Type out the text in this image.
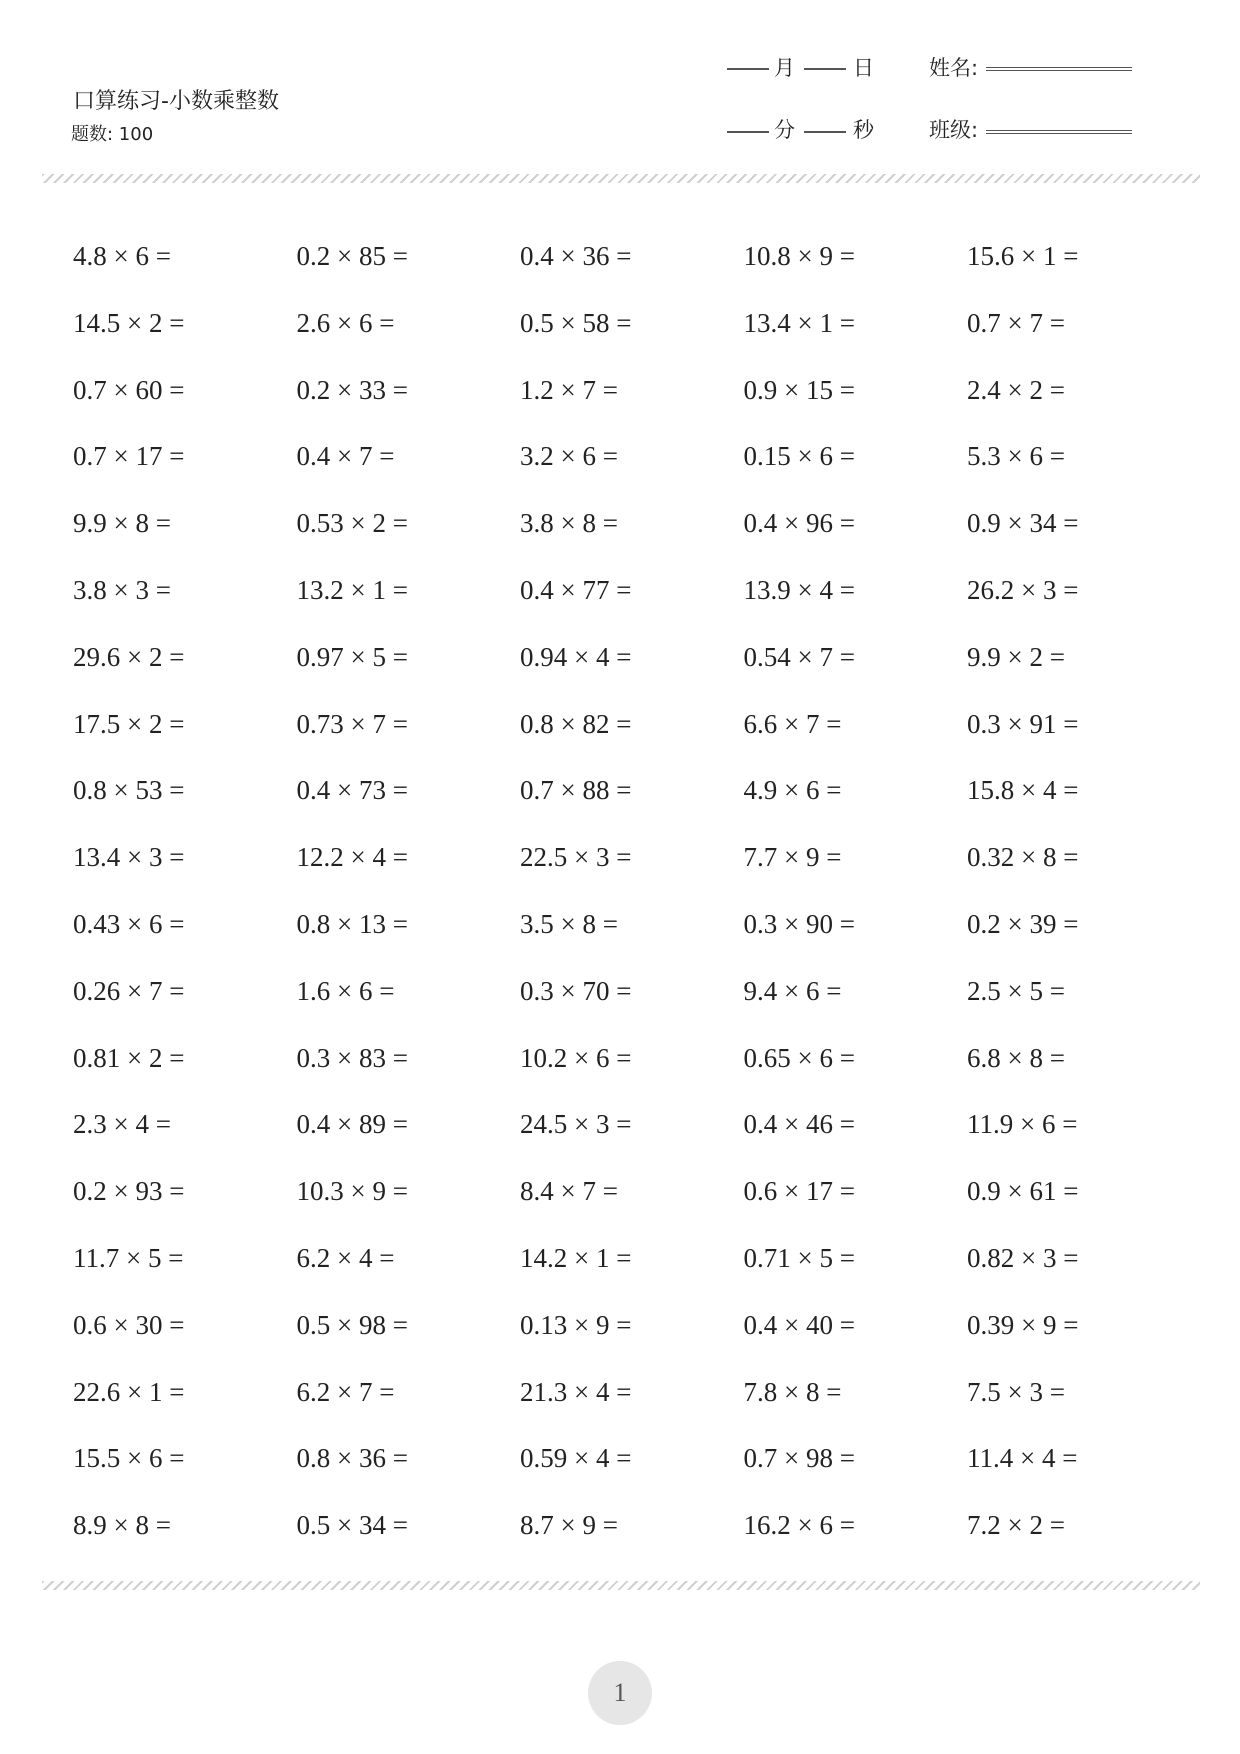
口算练习-小数乘整数
题数: 100
月	日
分	秒
姓名:
班级:
4.8 × 6 =	0.2 × 85 =	0.4 × 36 =	10.8 × 9 =	15.6 × 1 =
14.5 × 2 =	2.6 × 6 =	0.5 × 58 =	13.4 × 1 =	0.7 × 7 =
0.7 × 60 =	0.2 × 33 =	1.2 × 7 =	0.9 × 15 =	2.4 × 2 =
0.7 × 17 =	0.4 × 7 =	3.2 × 6 =	0.15 × 6 =	5.3 × 6 =
9.9 × 8 =	0.53 × 2 =	3.8 × 8 =	0.4 × 96 =	0.9 × 34 =
3.8 × 3 =	13.2 × 1 =	0.4 × 77 =	13.9 × 4 =	26.2 × 3 =
29.6 × 2 =	0.97 × 5 =	0.94 × 4 =	0.54 × 7 =	9.9 × 2 =
17.5 × 2 =	0.73 × 7 =	0.8 × 82 =	6.6 × 7 =	0.3 × 91 =
0.8 × 53 =	0.4 × 73 =	0.7 × 88 =	4.9 × 6 =	15.8 × 4 =
13.4 × 3 =	12.2 × 4 =	22.5 × 3 =	7.7 × 9 =	0.32 × 8 =
0.43 × 6 =	0.8 × 13 =	3.5 × 8 =	0.3 × 90 =	0.2 × 39 =
0.26 × 7 =	1.6 × 6 =	0.3 × 70 =	9.4 × 6 =	2.5 × 5 =
0.81 × 2 =	0.3 × 83 =	10.2 × 6 =	0.65 × 6 =	6.8 × 8 =
2.3 × 4 =	0.4 × 89 =	24.5 × 3 =	0.4 × 46 =	11.9 × 6 =
0.2 × 93 =	10.3 × 9 =	8.4 × 7 =	0.6 × 17 =	0.9 × 61 =
11.7 × 5 =	6.2 × 4 =	14.2 × 1 =	0.71 × 5 =	0.82 × 3 =
0.6 × 30 =	0.5 × 98 =	0.13 × 9 =	0.4 × 40 =	0.39 × 9 =
22.6 × 1 =	6.2 × 7 =	21.3 × 4 =	7.8 × 8 =	7.5 × 3 =
15.5 × 6 =	0.8 × 36 =	0.59 × 4 =	0.7 × 98 =	11.4 × 4 =
8.9 × 8 =	0.5 × 34 =	8.7 × 9 =	16.2 × 6 =	7.2 × 2 =
1
